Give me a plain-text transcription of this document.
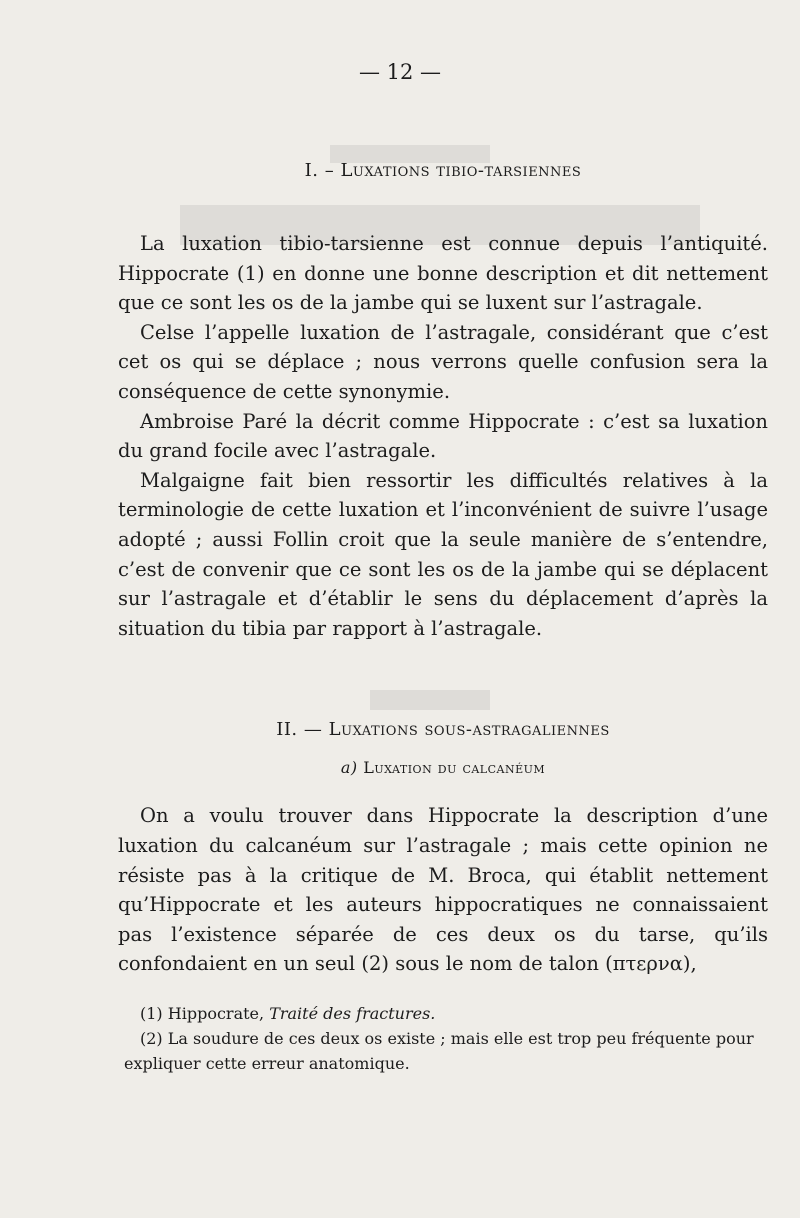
— 12 —
I. – Luxations tibio-tarsiennes

La luxation tibio-tarsienne est connue depuis l’antiquité. Hippocrate (1) en donne une bonne description et dit nettement que ce sont les os de la jambe qui se luxent sur l’astragale.

Celse l’appelle luxation de l’astragale, considérant que c’est cet os qui se déplace ; nous verrons quelle confusion sera la conséquence de cette synonymie.

Ambroise Paré la décrit comme Hippocrate : c’est sa luxation du grand focile avec l’astragale.

Malgaigne fait bien ressortir les difficultés relatives à la terminologie de cette luxation et l’inconvénient de suivre l’usage adopté ; aussi Follin croit que la seule manière de s’entendre, c’est de convenir que ce sont les os de la jambe qui se déplacent sur l’astragale et d’établir le sens du déplacement d’après la situation du tibia par rapport à l’astragale.

II. — Luxations sous-astragaliennes
a) Luxation du calcanéum

On a voulu trouver dans Hippocrate la description d’une luxation du calcanéum sur l’astragale ; mais cette opinion ne résiste pas à la critique de M. Broca, qui établit nettement qu’Hippocrate et les auteurs hippocratiques ne connaissaient pas l’existence séparée de ces deux os du tarse, qu’ils confondaient en un seul (2) sous le nom de talon (πτερνα),

(1) Hippocrate, Traité des fractures.
(2) La soudure de ces deux os existe ; mais elle est trop peu fréquente pour
expliquer cette erreur anatomique.
